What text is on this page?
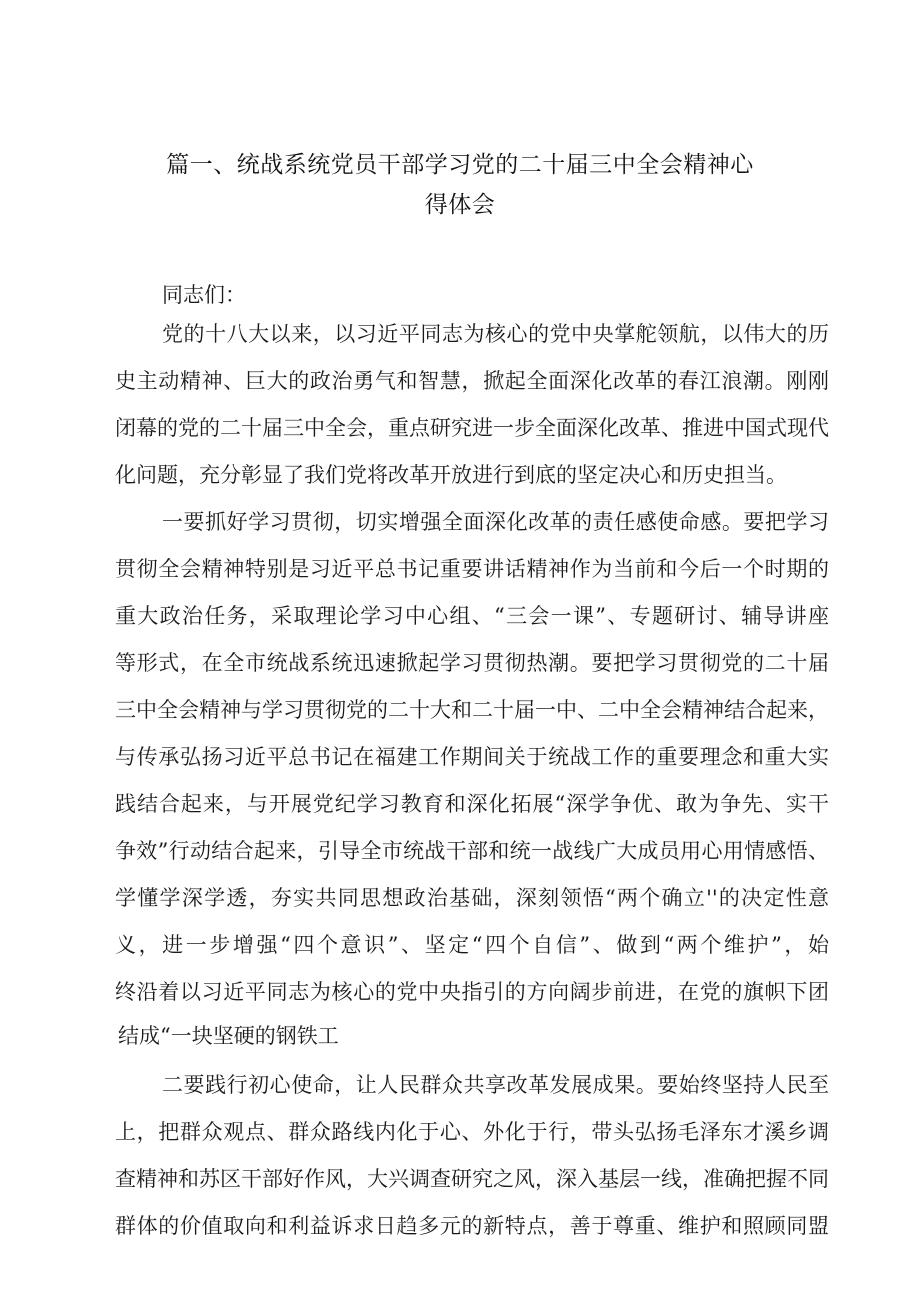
篇一、统战系统党员干部学习党的二十届三中全会精神心
得体会

同志们：

党的十八大以来，以习近平同志为核心的党中央掌舵领航，以伟大的历

史主动精神、巨大的政治勇气和智慧，掀起全面深化改革的春江浪潮。刚刚

闭幕的党的二十届三中全会，重点研究进一步全面深化改革、推进中国式现代

化问题，充分彰显了我们党将改革开放进行到底的坚定决心和历史担当。

一要抓好学习贯彻，切实增强全面深化改革的责任感使命感。要把学习

贯彻全会精神特别是习近平总书记重要讲话精神作为当前和今后一个时期的

重大政治任务，采取理论学习中心组、“三会一课”、专题研讨、辅导讲座

等形式，在全市统战系统迅速掀起学习贯彻热潮。要把学习贯彻党的二十届

三中全会精神与学习贯彻党的二十大和二十届一中、二中全会精神结合起来，

与传承弘扬习近平总书记在福建工作期间关于统战工作的重要理念和重大实

践结合起来，与开展党纪学习教育和深化拓展“深学争优、敢为争先、实干

争效”行动结合起来，引导全市统战干部和统一战线广大成员用心用情感悟、

学懂学深学透，夯实共同思想政治基础，深刻领悟“两个确立''的决定性意

义，进一步增强“四个意识”、坚定“四个自信”、做到“两个维护”，始

终沿着以习近平同志为核心的党中央指引的方向阔步前进，在党的旗帜下团

结成“一块坚硬的钢铁工

二要践行初心使命，让人民群众共享改革发展成果。要始终坚持人民至

上，把群众观点、群众路线内化于心、外化于行，带头弘扬毛泽东才溪乡调

查精神和苏区干部好作风，大兴调查研究之风，深入基层一线，准确把握不同

群体的价值取向和利益诉求日趋多元的新特点，善于尊重、维护和照顾同盟
